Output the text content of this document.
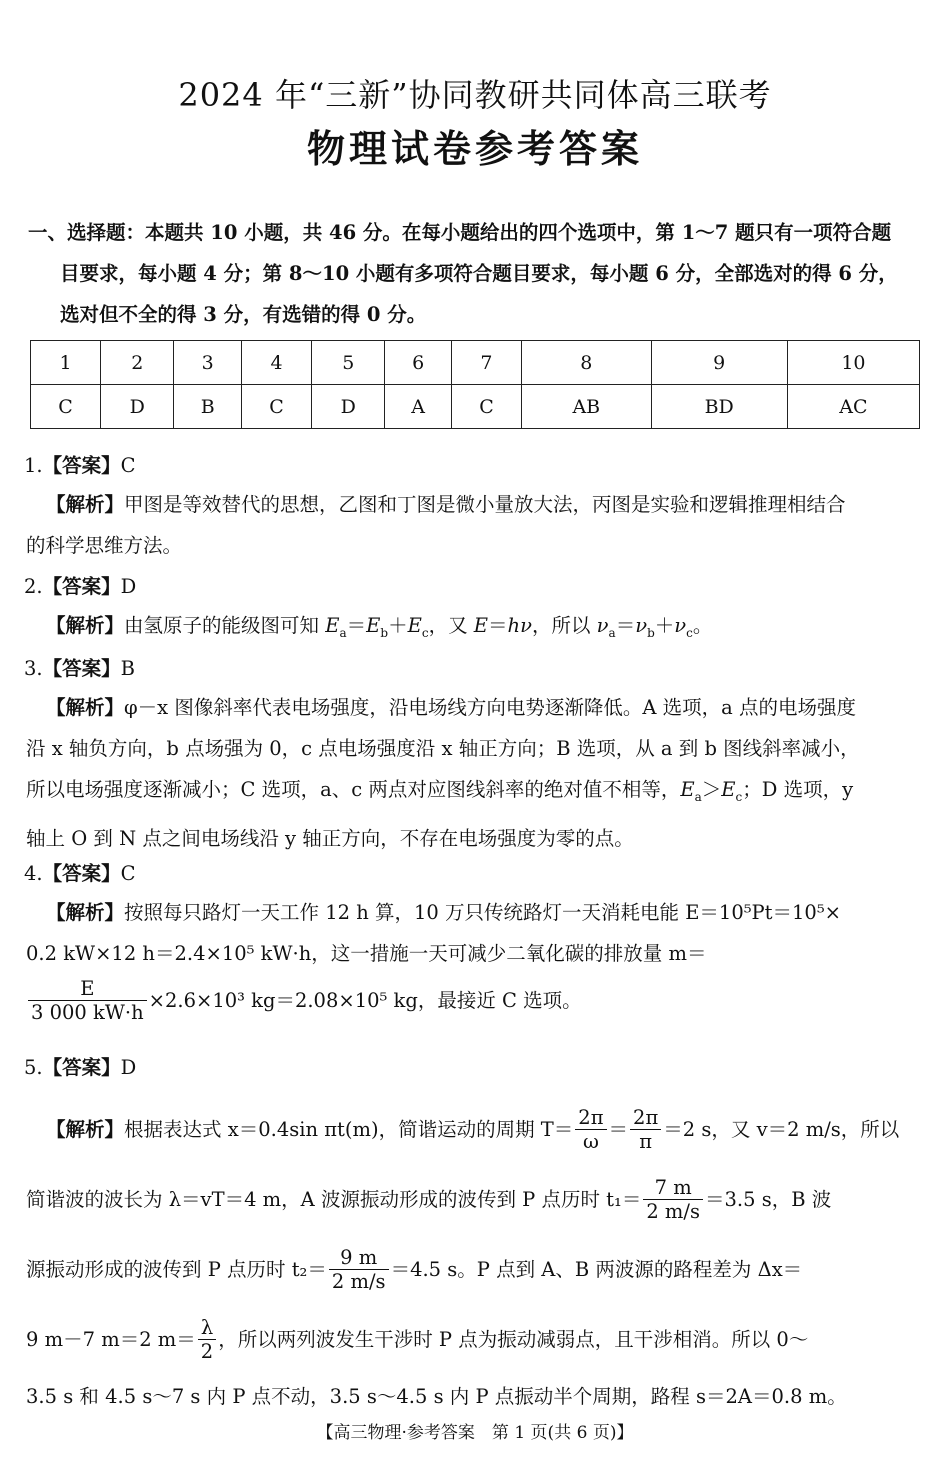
2024 年“三新”协同教研共同体高三联考
物理试卷参考答案
一、选择题：本题共 10 小题，共 46 分。在每小题给出的四个选项中，第 1～7 题只有一项符合题
目要求，每小题 4 分；第 8～10 小题有多项符合题目要求，每小题 6 分，全部选对的得 6 分，
选对但不全的得 3 分，有选错的得 0 分。
1	2	3	4	5	6	7	8	9	10
C	D	B	C	D	A	C	AB	BD	AC
1.【答案】C
【解析】甲图是等效替代的思想，乙图和丁图是微小量放大法，丙图是实验和逻辑推理相结合
的科学思维方法。
2.【答案】D
【解析】由氢原子的能级图可知 $E_a=E_b+E_c$，又 E＝hν，所以 $\nu_a=\nu_b+\nu_c$。
3.【答案】B
【解析】φ－x 图像斜率代表电场强度，沿电场线方向电势逐渐降低。A 选项，a 点的电场强度
沿 x 轴负方向，b 点场强为 0，c 点电场强度沿 x 轴正方向；B 选项，从 a 到 b 图线斜率减小，
所以电场强度逐渐减小；C 选项，a、c 两点对应图线斜率的绝对值不相等，$E_a>E_c$；D 选项，y
轴上 O 到 N 点之间电场线沿 y 轴正方向，不存在电场强度为零的点。
4.【答案】C
【解析】按照每只路灯一天工作 12 h 算，10 万只传统路灯一天消耗电能 E＝10⁵Pt＝10⁵×
0.2 kW×12 h＝2.4×10⁵ kW·h，这一措施一天可减少二氧化碳的排放量 m＝
$\frac{E}{3 000 kW\cdot h} \times 2.6\times 10^3$ kg＝2.08×10⁵ kg，最接近 C 选项。
5.【答案】D
【解析】根据表达式 x＝0.4sin πt(m)，简谐运动的周期 $T= \frac{2\pi}{\omega} = \frac{2\pi}{\pi} =2$ s，又 v＝2 m/s，所以
简谐波的波长为 λ＝vT＝4 m，A 波源振动形成的波传到 P 点历时 $t_1= \frac{7 m}{2 m/s} =3.5$ s，B 波
源振动形成的波传到 P 点历时 $t_2= \frac{9 m}{2 m/s} =4.5$ s。P 点到 A、B 两波源的路程差为 Δx＝
9 m－7 m＝2 $m= \frac{\lambda}{2}$ ，所以两列波发生干涉时 P 点为振动减弱点，且干涉相消。所以 0～
3.5 s 和 4.5 s～7 s 内 P 点不动，3.5 s～4.5 s 内 P 点振动半个周期，路程 s＝2A＝0.8 m。
【高三物理·参考答案　第 1 页(共 6 页)】
